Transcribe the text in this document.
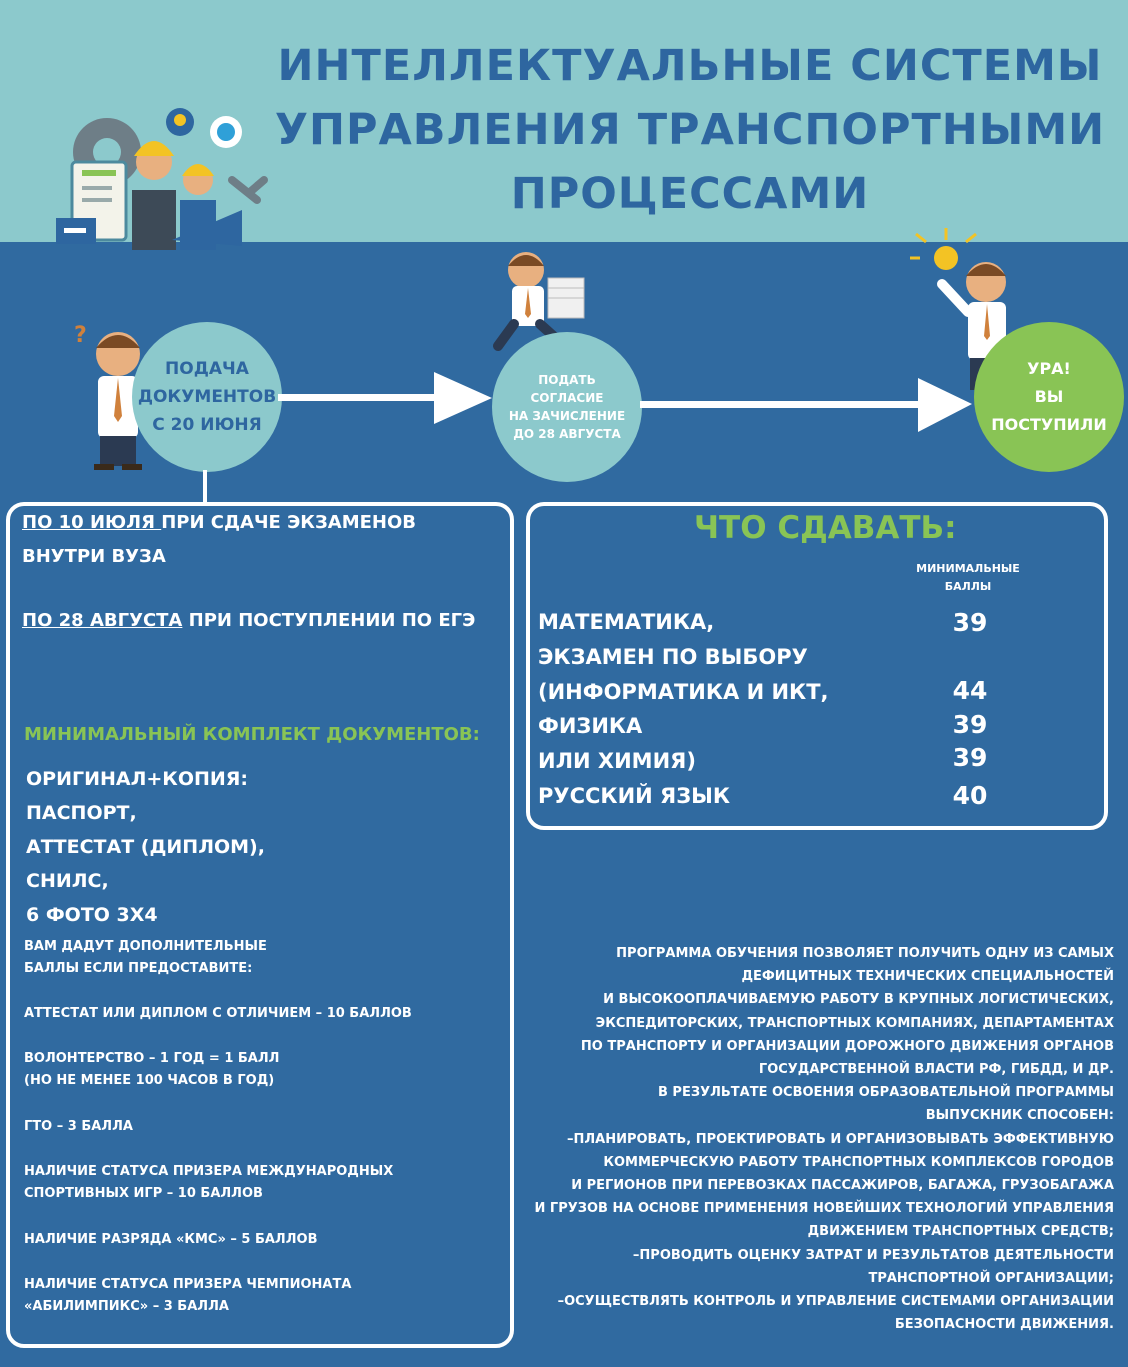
ИНТЕЛЛЕКТУАЛЬНЫЕ СИСТЕМЫ
УПРАВЛЕНИЯ ТРАНСПОРТНЫМИ
ПРОЦЕССАМИ
?
ПОДАЧА
ДОКУМЕНТОВ
С 20 ИЮНЯ
ПОДАТЬ
СОГЛАСИЕ
НА ЗАЧИСЛЕНИЕ
ДО 28 АВГУСТА
УРА!
ВЫ
ПОСТУПИЛИ
ПО 10 ИЮЛЯ ПРИ СДАЧЕ ЭКЗАМЕНОВ
ВНУТРИ ВУЗА
ПО 28 АВГУСТА ПРИ ПОСТУПЛЕНИИ ПО ЕГЭ
МИНИМАЛЬНЫЙ КОМПЛЕКТ ДОКУМЕНТОВ:
ОРИГИНАЛ+КОПИЯ:
ПАСПОРТ,
АТТЕСТАТ (ДИПЛОМ),
СНИЛС,
6 ФОТО 3Х4
ВАМ ДАДУТ ДОПОЛНИТЕЛЬНЫЕ
БАЛЛЫ ЕСЛИ ПРЕДОСТАВИТЕ:
АТТЕСТАТ ИЛИ ДИПЛОМ С ОТЛИЧИЕМ – 10 БАЛЛОВ
ВОЛОНТЕРСТВО – 1 ГОД = 1 БАЛЛ
(НО НЕ МЕНЕЕ 100 ЧАСОВ В ГОД)
ГТО – 3 БАЛЛА
НАЛИЧИЕ СТАТУСА ПРИЗЕРА МЕЖДУНАРОДНЫХ
СПОРТИВНЫХ ИГР – 10 БАЛЛОВ
НАЛИЧИЕ РАЗРЯДА «КМС» – 5 БАЛЛОВ
НАЛИЧИЕ СТАТУСА ПРИЗЕРА ЧЕМПИОНАТА
«АБИЛИМПИКС» – 3 БАЛЛА
ЧТО СДАВАТЬ:
МИНИМАЛЬНЫЕ
БАЛЛЫ
МАТЕМАТИКА,	39
ЭКЗАМЕН ПО ВЫБОРУ
(ИНФОРМАТИКА И ИКТ,	44
ФИЗИКА	39
ИЛИ ХИМИЯ)	39
РУССКИЙ ЯЗЫК	40
ПРОГРАММА ОБУЧЕНИЯ ПОЗВОЛЯЕТ ПОЛУЧИТЬ ОДНУ ИЗ САМЫХ
ДЕФИЦИТНЫХ ТЕХНИЧЕСКИХ СПЕЦИАЛЬНОСТЕЙ
И ВЫСОКООПЛАЧИВАЕМУЮ РАБОТУ В КРУПНЫХ ЛОГИСТИЧЕСКИХ,
ЭКСПЕДИТОРСКИХ, ТРАНСПОРТНЫХ КОМПАНИЯХ, ДЕПАРТАМЕНТАХ
ПО ТРАНСПОРТУ И ОРГАНИЗАЦИИ ДОРОЖНОГО ДВИЖЕНИЯ ОРГАНОВ
ГОСУДАРСТВЕННОЙ ВЛАСТИ РФ, ГИБДД, И ДР.
В РЕЗУЛЬТАТЕ ОСВОЕНИЯ ОБРАЗОВАТЕЛЬНОЙ ПРОГРАММЫ
ВЫПУСКНИК СПОСОБЕН:
–ПЛАНИРОВАТЬ, ПРОЕКТИРОВАТЬ И ОРГАНИЗОВЫВАТЬ ЭФФЕКТИВНУЮ
КОММЕРЧЕСКУЮ РАБОТУ ТРАНСПОРТНЫХ КОМПЛЕКСОВ ГОРОДОВ
И РЕГИОНОВ ПРИ ПЕРЕВОЗКАХ ПАССАЖИРОВ, БАГАЖА, ГРУЗОБАГАЖА
И ГРУЗОВ НА ОСНОВЕ ПРИМЕНЕНИЯ НОВЕЙШИХ ТЕХНОЛОГИЙ УПРАВЛЕНИЯ
ДВИЖЕНИЕМ ТРАНСПОРТНЫХ СРЕДСТВ;
–ПРОВОДИТЬ ОЦЕНКУ ЗАТРАТ И РЕЗУЛЬТАТОВ ДЕЯТЕЛЬНОСТИ
ТРАНСПОРТНОЙ ОРГАНИЗАЦИИ;
–ОСУЩЕСТВЛЯТЬ КОНТРОЛЬ И УПРАВЛЕНИЕ СИСТЕМАМИ ОРГАНИЗАЦИИ
БЕЗОПАСНОСТИ ДВИЖЕНИЯ.
